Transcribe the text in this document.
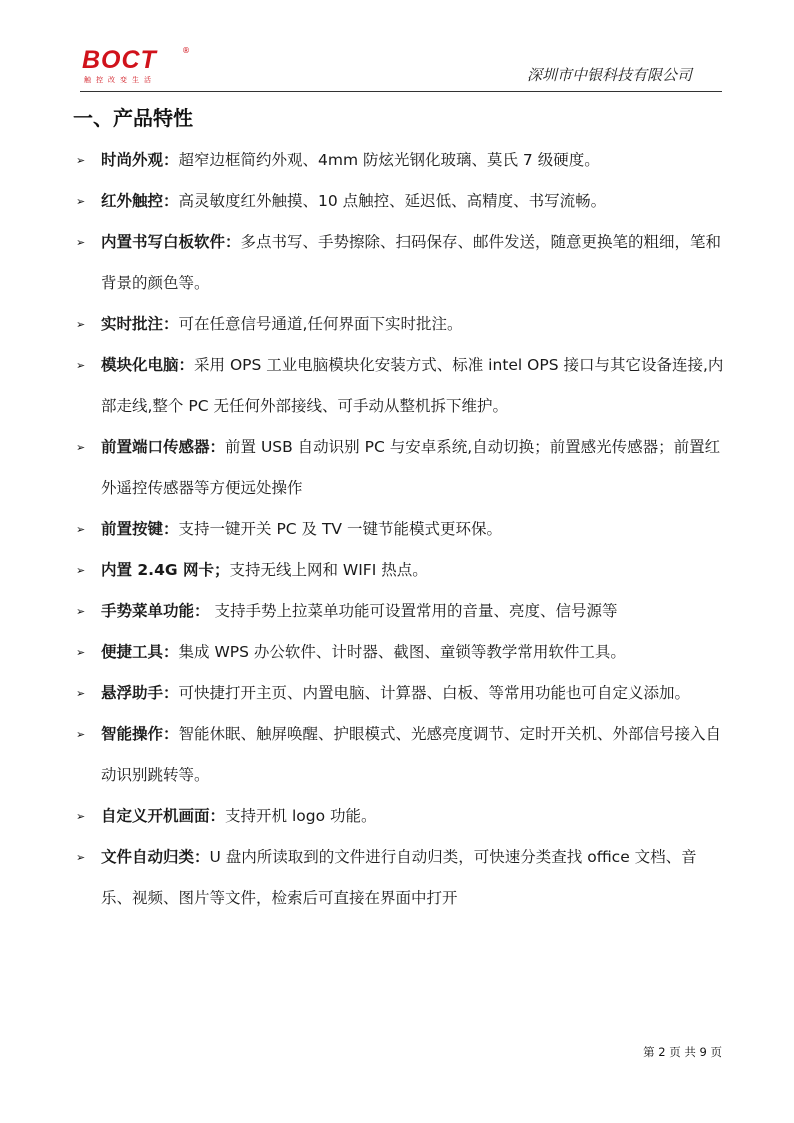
BOCT	®
触控改变生活	深圳市中银科技有限公司
一、产品特性
➢ 时尚外观：超窄边框简约外观、4mm 防炫光钢化玻璃、莫氏 7 级硬度。
➢ 红外触控：高灵敏度红外触摸、10 点触控、延迟低、高精度、书写流畅。
➢ 内置书写白板软件：多点书写、手势擦除、扫码保存、邮件发送，随意更换笔的粗细，笔和背景的颜色等。
➢ 实时批注：可在任意信号通道,任何界面下实时批注。
➢ 模块化电脑：采用 OPS 工业电脑模块化安装方式、标准 intel OPS 接口与其它设备连接,内部走线,整个 PC 无任何外部接线、可手动从整机拆下维护。
➢ 前置端口传感器：前置 USB 自动识别 PC 与安卓系统,自动切换；前置感光传感器；前置红外遥控传感器等方便远处操作
➢ 前置按键：支持一键开关 PC 及 TV 一键节能模式更环保。
➢ 内置 2.4G 网卡；支持无线上网和 WIFI 热点。
➢ 手势菜单功能： 支持手势上拉菜单功能可设置常用的音量、亮度、信号源等
➢ 便捷工具：集成 WPS 办公软件、计时器、截图、童锁等教学常用软件工具。
➢ 悬浮助手：可快捷打开主页、内置电脑、计算器、白板、等常用功能也可自定义添加。
➢ 智能操作：智能休眠、触屏唤醒、护眼模式、光感亮度调节、定时开关机、外部信号接入自动识别跳转等。
➢ 自定义开机画面：支持开机 logo 功能。
➢ 文件自动归类：U 盘内所读取到的文件进行自动归类，可快速分类查找 office 文档、音乐、视频、图片等文件，检索后可直接在界面中打开
第 2 页 共 9 页
